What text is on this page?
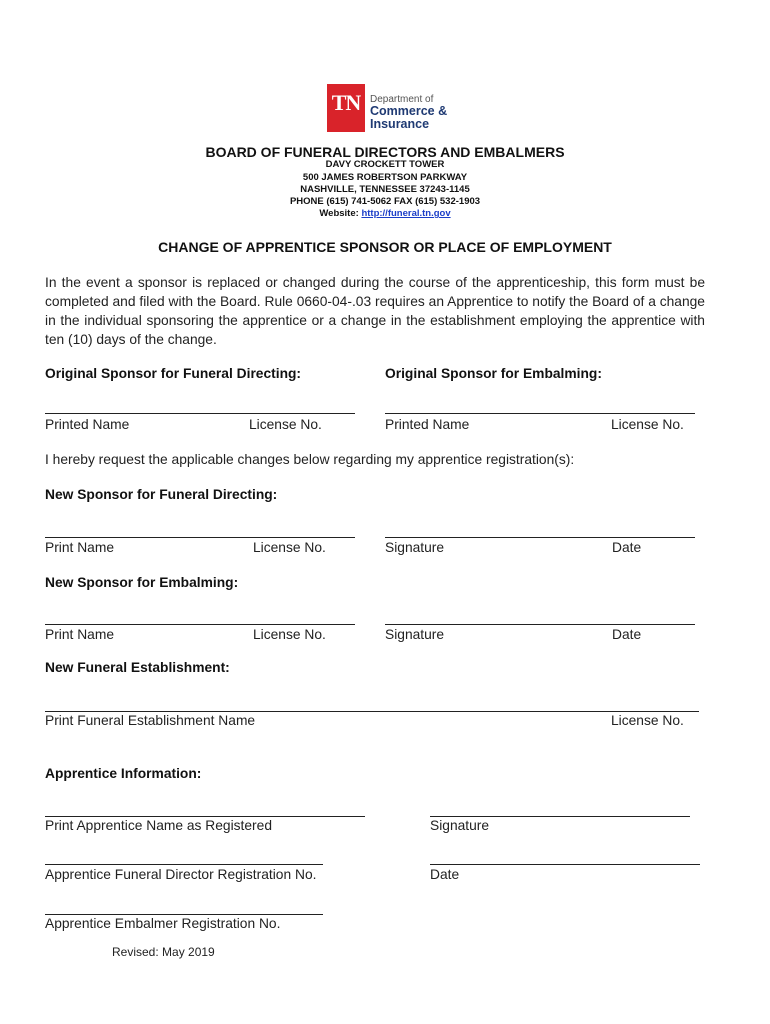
TN Department of
Commerce &
Insurance
BOARD OF FUNERAL DIRECTORS AND EMBALMERS
DAVY CROCKETT TOWER
500 JAMES ROBERTSON PARKWAY
NASHVILLE, TENNESSEE 37243-1145
PHONE (615) 741-5062 FAX (615) 532-1903
Website: http://funeral.tn.gov
CHANGE OF APPRENTICE SPONSOR OR PLACE OF EMPLOYMENT
In the event a sponsor is replaced or changed during the course of the apprenticeship, this form must be completed and filed with the Board. Rule 0660-04-.03 requires an Apprentice to notify the Board of a change in the individual sponsoring the apprentice or a change in the establishment employing the apprentice with ten (10) days of the change.
Original Sponsor for Funeral Directing:	Original Sponsor for Embalming:
Printed Name	License No.	Printed Name	License No.
I hereby request the applicable changes below regarding my apprentice registration(s):
New Sponsor for Funeral Directing:
Print Name	License No.	Signature	Date
New Sponsor for Embalming:
Print Name	License No.	Signature	Date
New Funeral Establishment:
Print Funeral Establishment Name	License No.
Apprentice Information:
Print Apprentice Name as Registered	Signature
Apprentice Funeral Director Registration No.	Date
Apprentice Embalmer Registration No.
Revised: May 2019
